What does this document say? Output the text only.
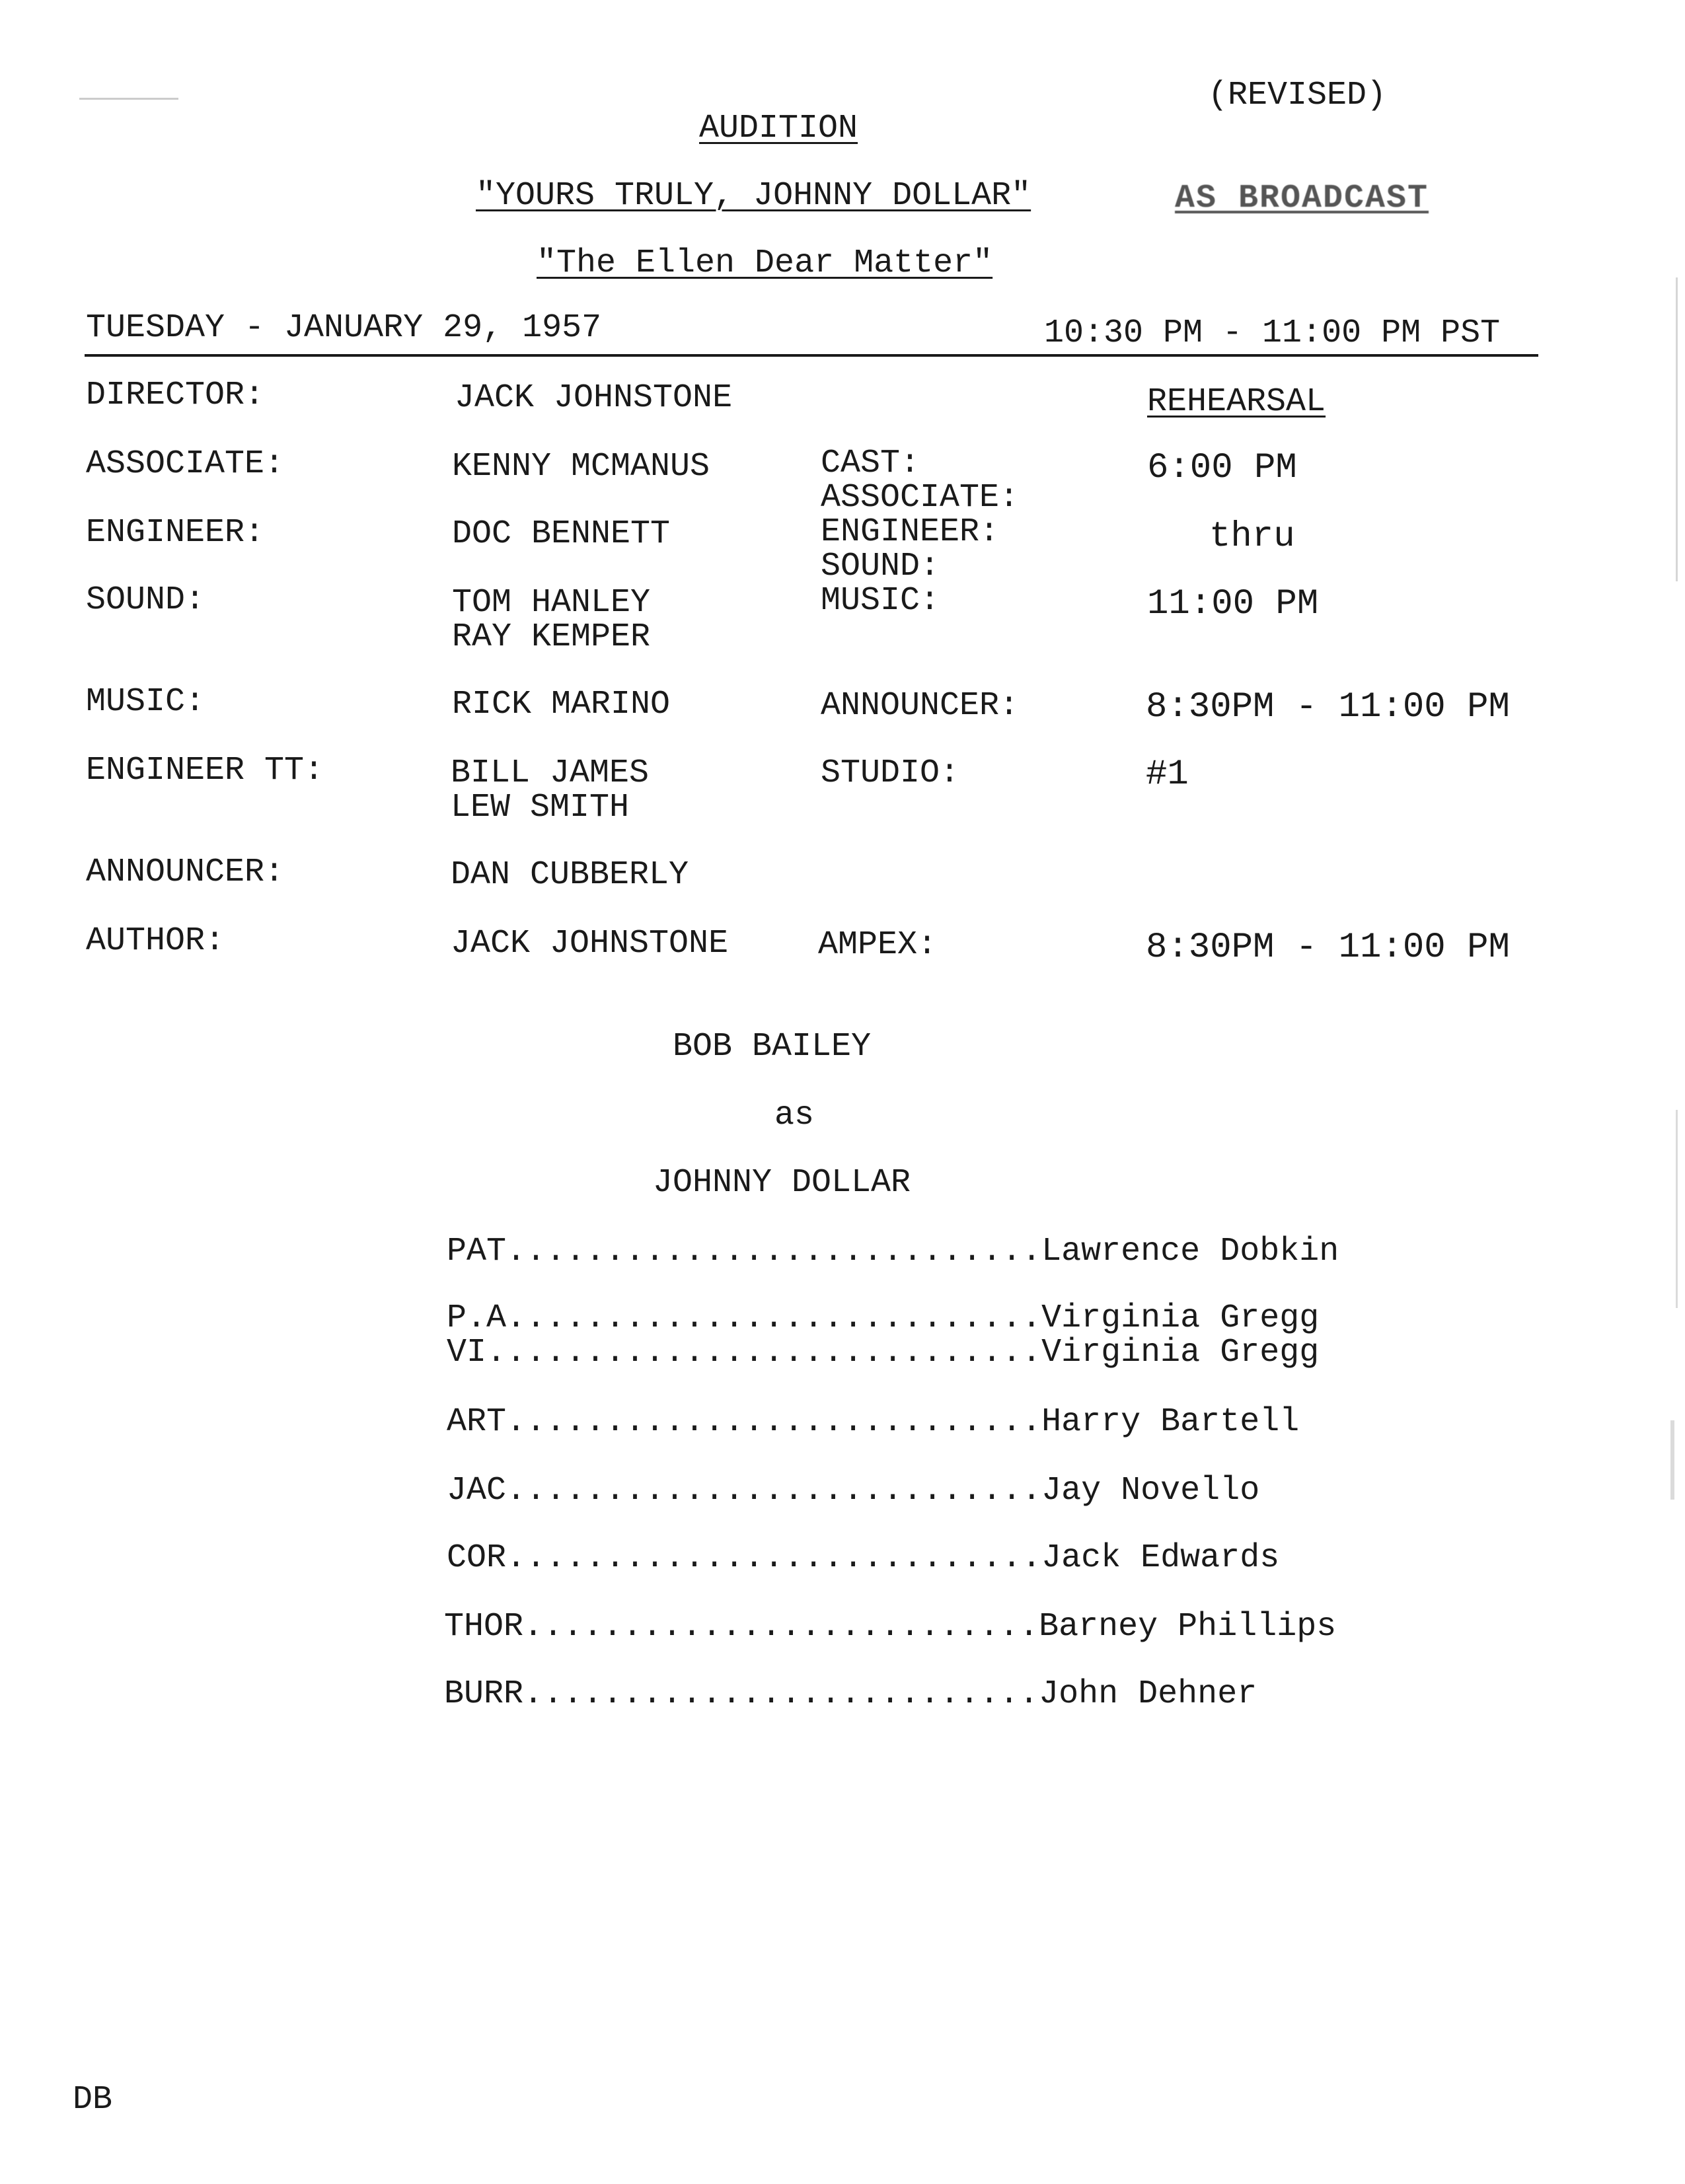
(REVISED)
AUDITION
"YOURS TRULY, JOHNNY DOLLAR"	AS BROADCAST
"The Ellen Dear Matter"
TUESDAY - JANUARY 29, 1957	10:30 PM - 11:00 PM PST
DIRECTOR:
ASSOCIATE:
ENGINEER:
SOUND:
MUSIC:
ENGINEER TT:
ANNOUNCER:
AUTHOR:
JACK JOHNSTONE
KENNY MCMANUS
DOC BENNETT
TOM HANLEY
RAY KEMPER
RICK MARINO
BILL JAMES
LEW SMITH
DAN CUBBERLY
JACK JOHNSTONE
REHEARSAL
CAST:
ASSOCIATE:
ENGINEER:
SOUND:
MUSIC:
ANNOUNCER:
STUDIO:
AMPEX:
6:00 PM
thru
11:00 PM
8:30PM - 11:00 PM
#1
8:30PM - 11:00 PM
BOB BAILEY
as
JOHNNY DOLLAR
PAT...........................Lawrence Dobkin
P.A...........................Virginia Gregg
VI............................Virginia Gregg
ART...........................Harry Bartell
JAC...........................Jay Novello
COR...........................Jack Edwards
THOR..........................Barney Phillips
BURR..........................John Dehner
DB
